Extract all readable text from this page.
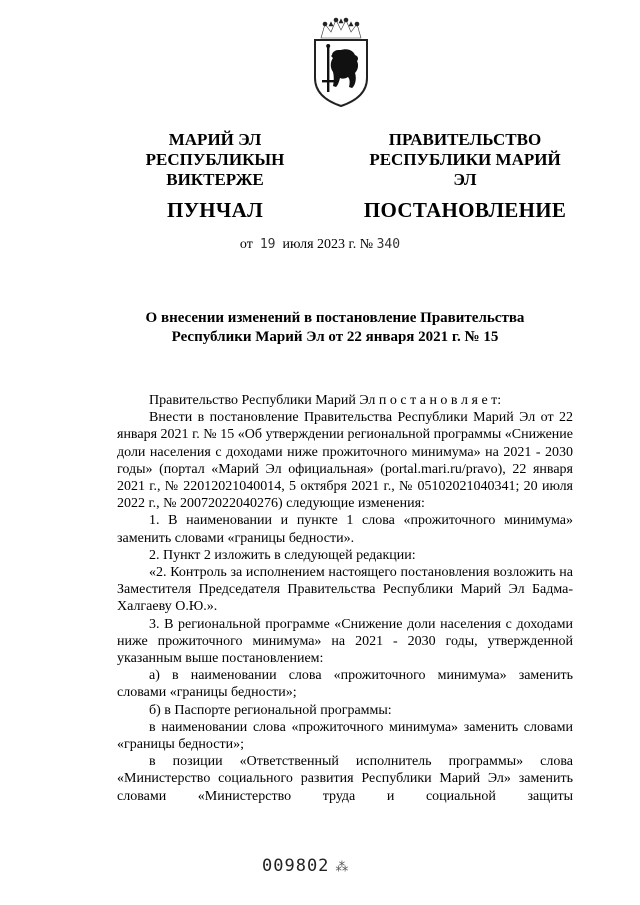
МАРИЙ ЭЛ РЕСПУБЛИКЫН
ВИКТЕРЖЕ
ПУНЧАЛ
ПРАВИТЕЛЬСТВО
РЕСПУБЛИКИ МАРИЙ ЭЛ
ПОСТАНОВЛЕНИЕ
от 19 июля 2023 г. № 340
О внесении изменений в постановление Правительства
Республики Марий Эл от 22 января 2021 г. № 15

Правительство Республики Марий Эл п о с т а н о в л я е т:

Внести в постановление Правительства Республики Марий Эл от 22 января 2021 г. № 15 «Об утверждении региональной программы «Снижение доли населения с доходами ниже прожиточного минимума» на 2021 - 2030 годы» (портал «Марий Эл официальная» (portal.mari.ru/pravo), 22 января 2021 г., № 22012021040014, 5 октября 2021 г., № 05102021040341; 20 июля 2022 г., № 20072022040276) следующие изменения:

1. В наименовании и пункте 1 слова «прожиточного минимума» заменить словами «границы бедности».

2. Пункт 2 изложить в следующей редакции:

«2. Контроль за исполнением настоящего постановления возложить на Заместителя Председателя Правительства Республики Марий Эл Бадма-Халгаеву О.Ю.».

3. В региональной программе «Снижение доли населения с доходами ниже прожиточного минимума» на 2021 - 2030 годы, утвержденной указанным выше постановлением:

а) в наименовании слова «прожиточного минимума» заменить словами «границы бедности»;

б) в Паспорте региональной программы:

в наименовании слова «прожиточного минимума» заменить словами «границы бедности»;

в позиции «Ответственный исполнитель программы» слова «Министерство социального развития Республики Марий Эл» заменить словами «Министерство труда и социальной защиты

009802 ⁂
